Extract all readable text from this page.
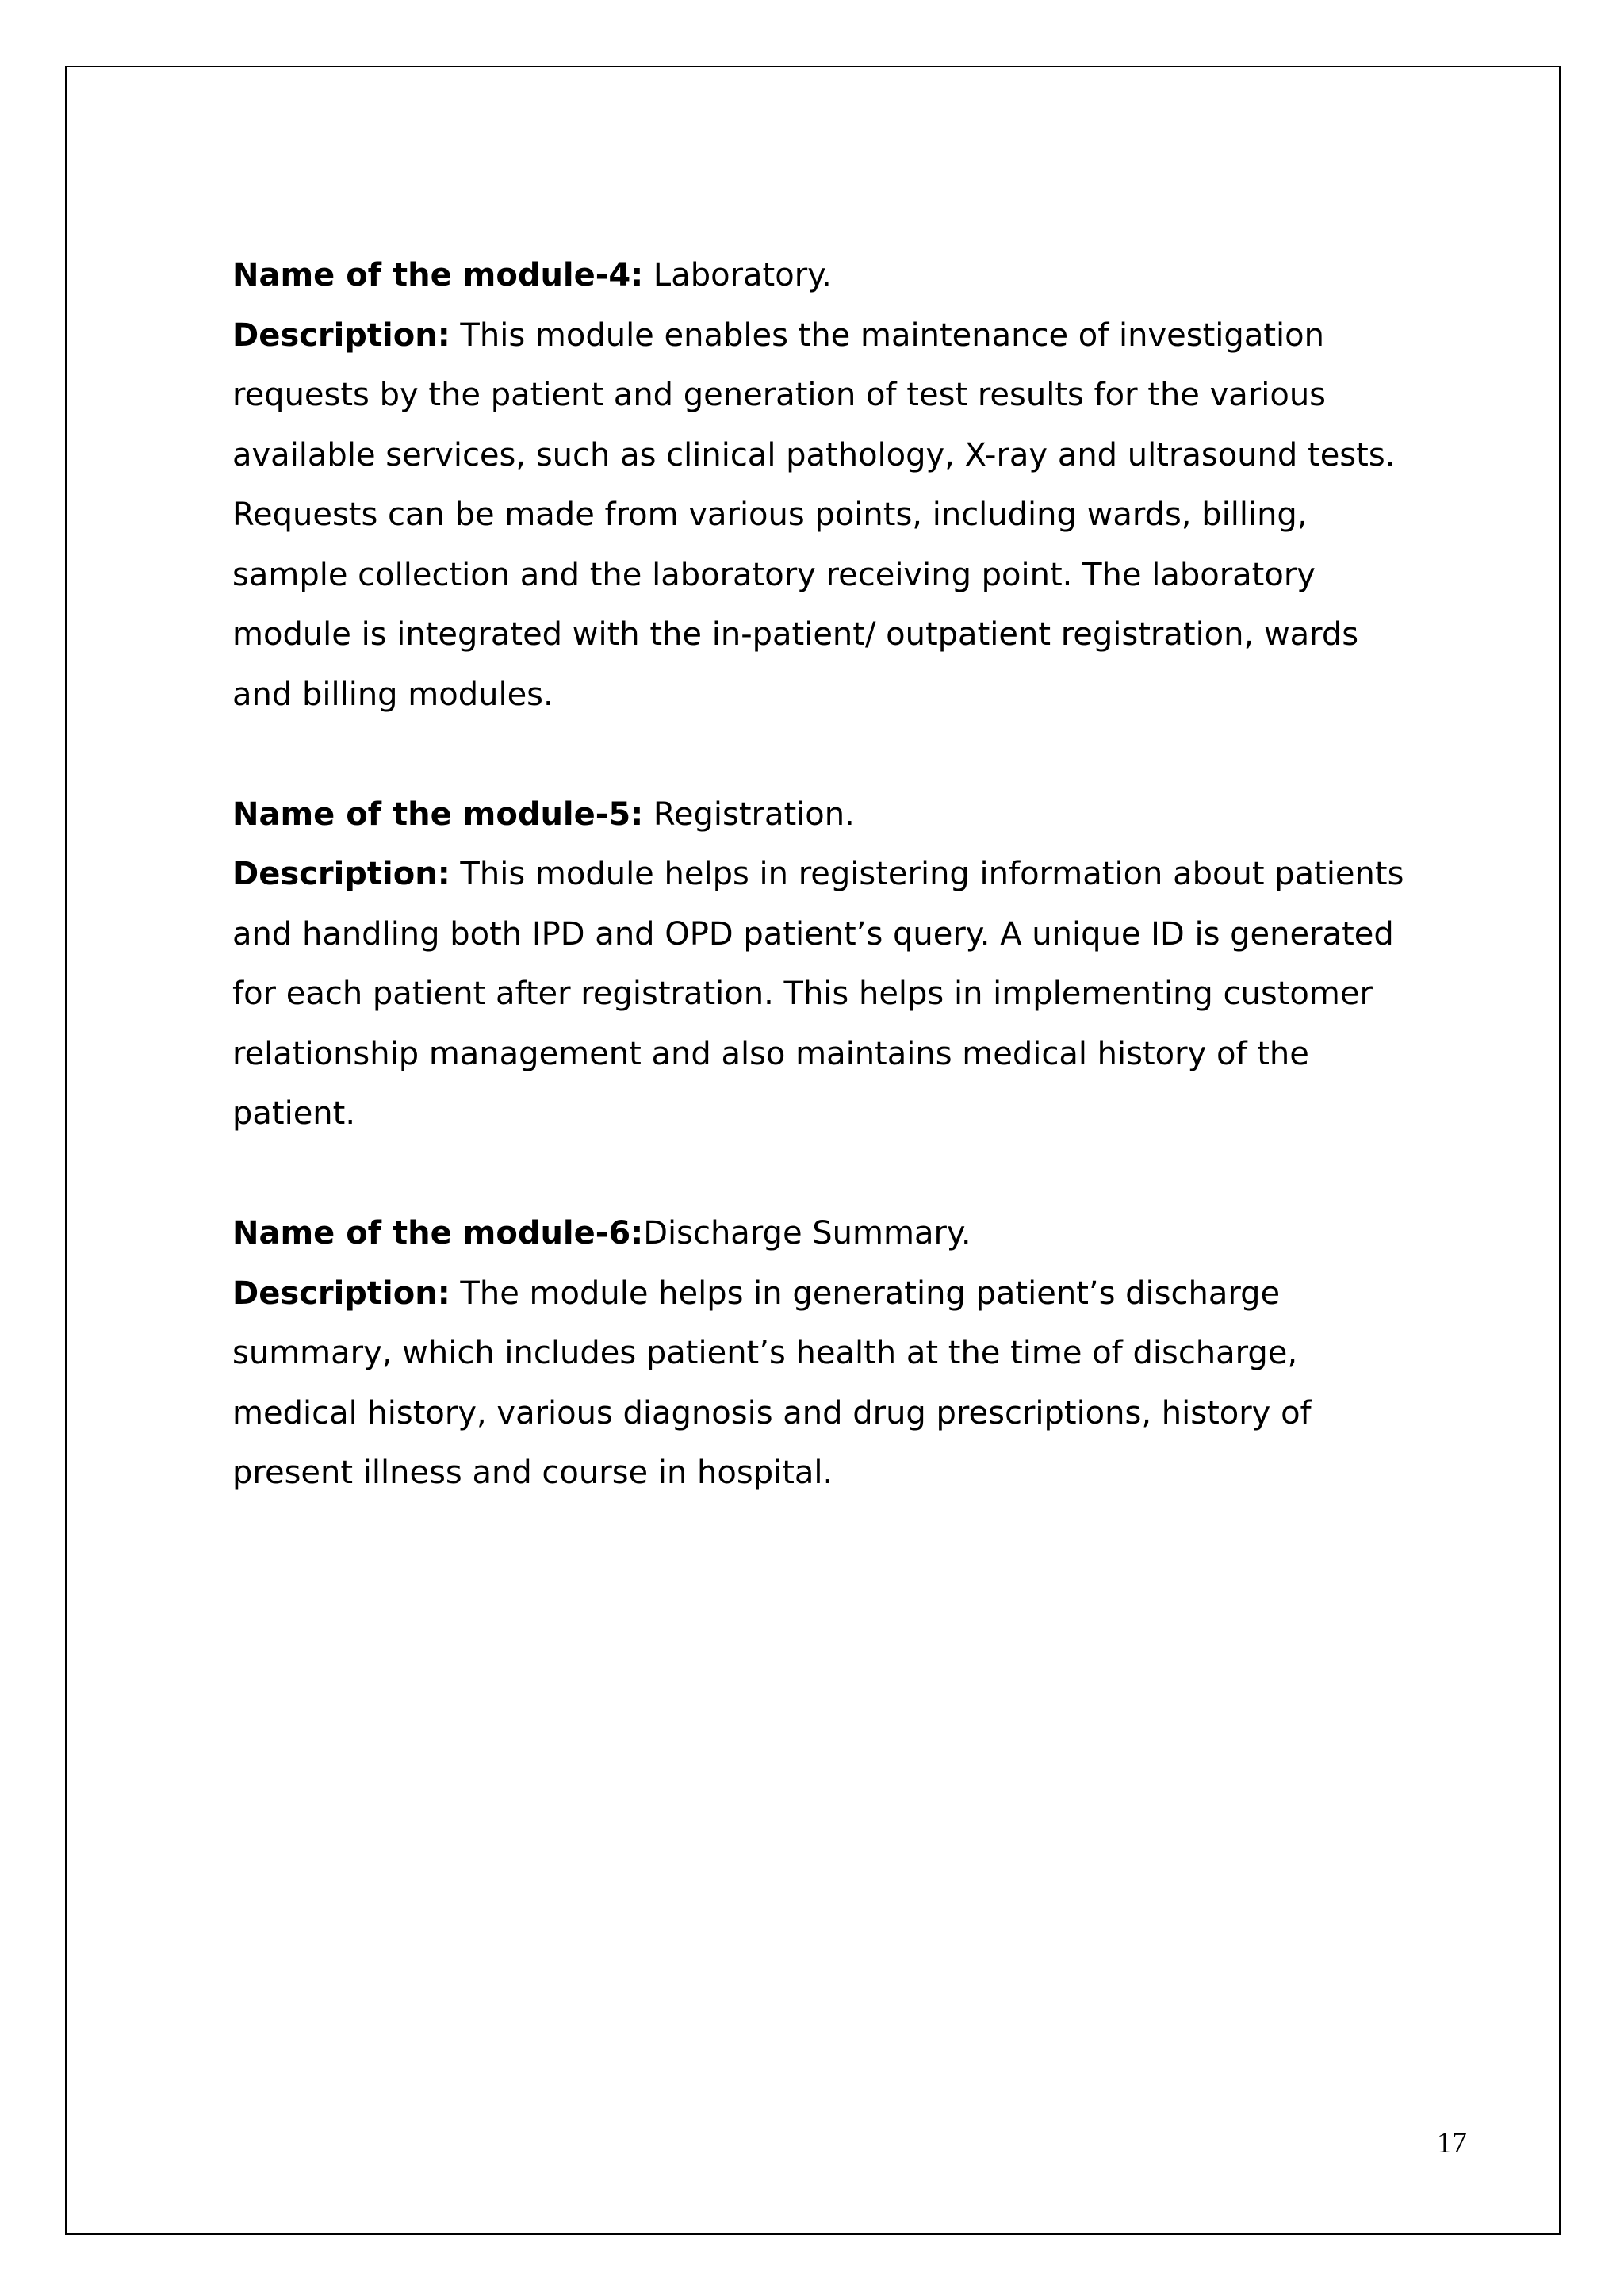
Name of the module-4: Laboratory.
Description: This module enables the maintenance of investigation
requests by the patient and generation of test results for the various
available services, such as clinical pathology, X-ray and ultrasound tests.
Requests can be made from various points, including wards, billing,
sample collection and the laboratory receiving point. The laboratory
module is integrated with the in-patient/ outpatient registration, wards
and billing modules.
Name of the module-5: Registration.
Description: This module helps in registering information about patients
and handling both IPD and OPD patient’s query. A unique ID is generated
for each patient after registration. This helps in implementing customer
relationship management and also maintains medical history of the
patient.
Name of the module-6:Discharge Summary.
Description: The module helps in generating patient’s discharge
summary, which includes patient’s health at the time of discharge,
medical history, various diagnosis and drug prescriptions, history of
present illness and course in hospital.
17
